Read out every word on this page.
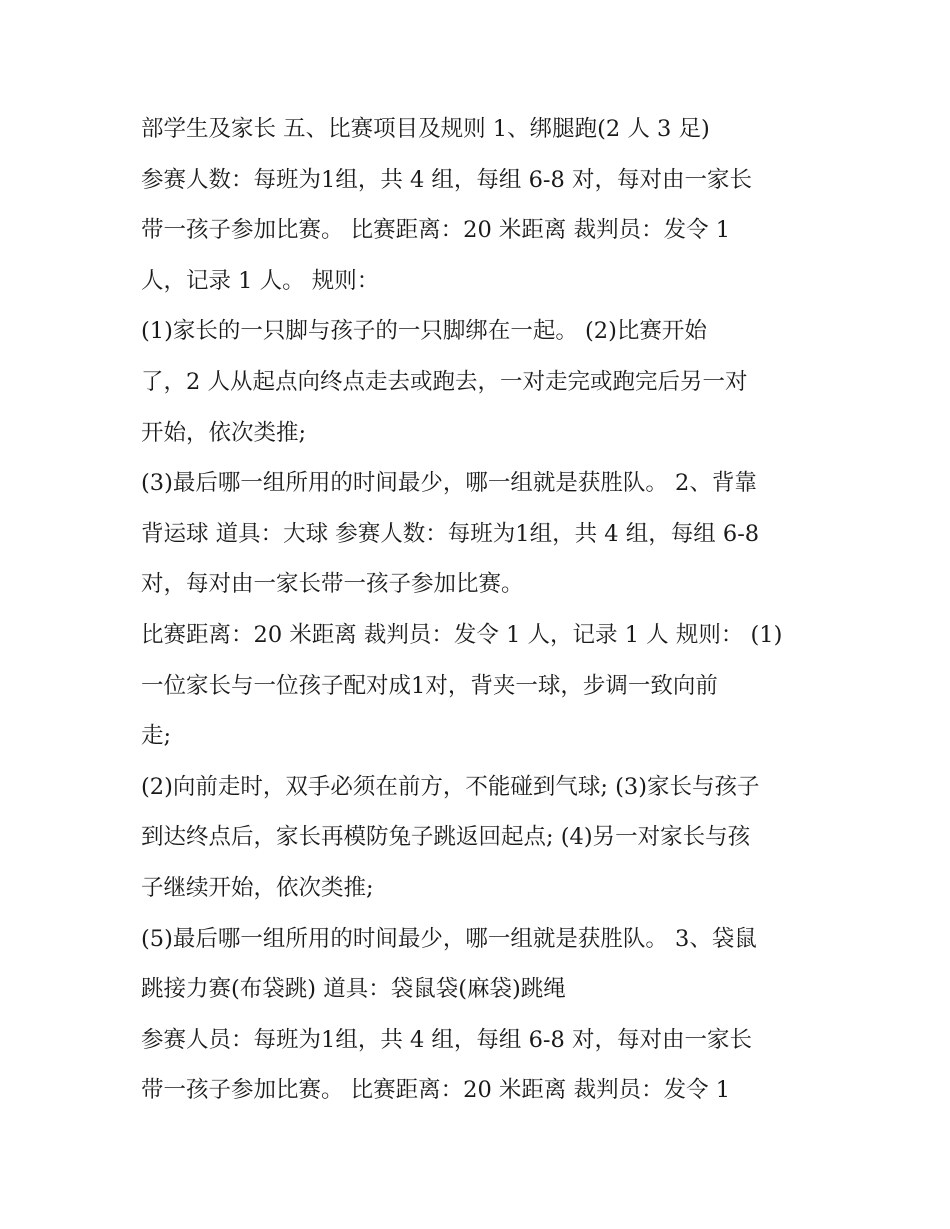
部学生及家长 五、比赛项目及规则 1、绑腿跑(2 人 3 足)
参赛人数：每班为1组，共 4 组，每组 6-8 对，每对由一家长
带一孩子参加比赛。 比赛距离：20 米距离 裁判员：发令 1
人，记录 1 人。 规则：
(1)家长的一只脚与孩子的一只脚绑在一起。 (2)比赛开始
了，2 人从起点向终点走去或跑去，一对走完或跑完后另一对
开始，依次类推;
(3)最后哪一组所用的时间最少，哪一组就是获胜队。 2、背靠
背运球 道具：大球 参赛人数：每班为1组，共 4 组，每组 6-8
对，每对由一家长带一孩子参加比赛。
比赛距离：20 米距离 裁判员：发令 1 人，记录 1 人 规则： (1)
一位家长与一位孩子配对成1对，背夹一球，步调一致向前
走;
(2)向前走时，双手必须在前方，不能碰到气球; (3)家长与孩子
到达终点后，家长再模防兔子跳返回起点; (4)另一对家长与孩
子继续开始，依次类推;
(5)最后哪一组所用的时间最少，哪一组就是获胜队。 3、袋鼠
跳接力赛(布袋跳) 道具：袋鼠袋(麻袋)跳绳
参赛人员：每班为1组，共 4 组，每组 6-8 对，每对由一家长
带一孩子参加比赛。 比赛距离：20 米距离 裁判员：发令 1
